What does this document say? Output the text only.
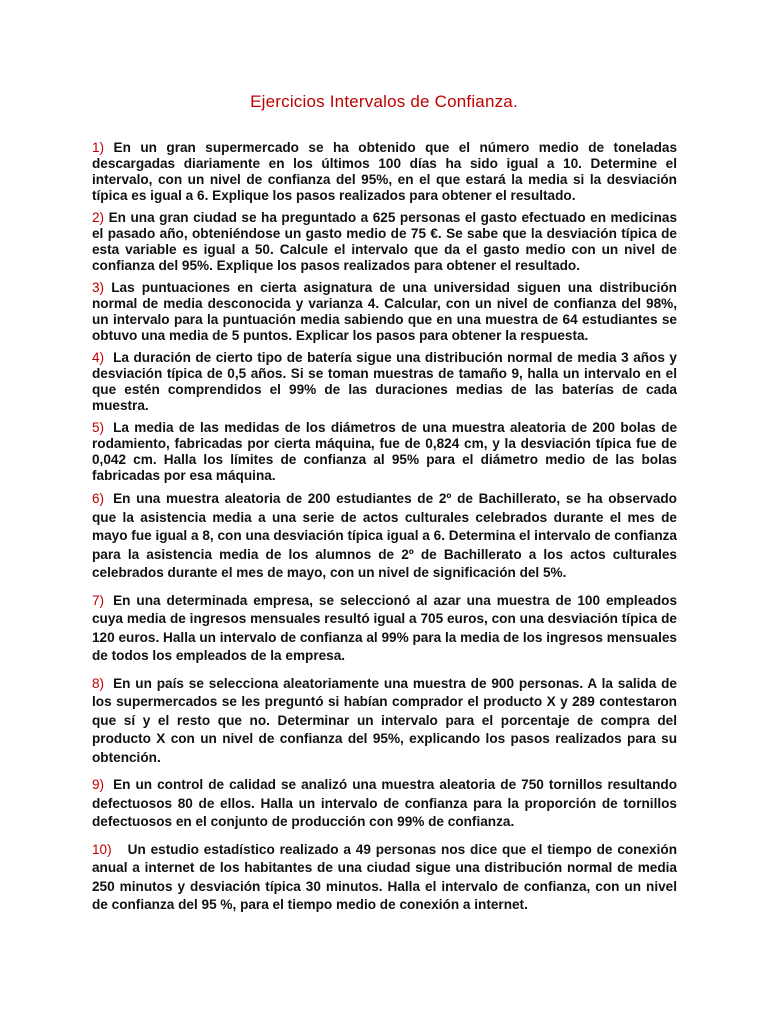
Ejercicios Intervalos de Confianza.

1) En un gran supermercado se ha obtenido que el número medio de toneladas descargadas diariamente en los últimos 100 días ha sido igual a 10. Determine el intervalo, con un nivel de confianza del 95%, en el que estará la media si la desviación típica es igual a 6. Explique los pasos realizados para obtener el resultado.

2) En una gran ciudad se ha preguntado a 625 personas el gasto efectuado en medicinas el pasado año, obteniéndose un gasto medio de 75 €. Se sabe que la desviación típica de esta variable es igual a 50. Calcule el intervalo que da el gasto medio con un nivel de confianza del 95%. Explique los pasos realizados para obtener el resultado.

3) Las puntuaciones en cierta asignatura de una universidad siguen una distribución normal de media desconocida y varianza 4. Calcular, con un nivel de confianza del 98%, un intervalo para la puntuación media sabiendo que en una muestra de 64 estudiantes se obtuvo una media de 5 puntos. Explicar los pasos para obtener la respuesta.

4) La duración de cierto tipo de batería sigue una distribución normal de media 3 años y desviación típica de 0,5 años. Si se toman muestras de tamaño 9, halla un intervalo en el que estén comprendidos el 99% de las duraciones medias de las baterías de cada muestra.

5) La media de las medidas de los diámetros de una muestra aleatoria de 200 bolas de rodamiento, fabricadas por cierta máquina, fue de 0,824 cm, y la desviación típica fue de 0,042 cm. Halla los límites de confianza al 95% para el diámetro medio de las bolas fabricadas por esa máquina.

6) En una muestra aleatoria de 200 estudiantes de 2º de Bachillerato, se ha observado que la asistencia media a una serie de actos culturales celebrados durante el mes de mayo fue igual a 8, con una desviación típica igual a 6. Determina el intervalo de confianza para la asistencia media de los alumnos de 2º de Bachillerato a los actos culturales celebrados durante el mes de mayo, con un nivel de significación del 5%.

7) En una determinada empresa, se seleccionó al azar una muestra de 100 empleados cuya media de ingresos mensuales resultó igual a 705 euros, con una desviación típica de 120 euros. Halla un intervalo de confianza al 99% para la media de los ingresos mensuales de todos los empleados de la empresa.

8) En un país se selecciona aleatoriamente una muestra de 900 personas. A la salida de los supermercados se les preguntó si habían comprador el producto X y 289 contestaron que sí y el resto que no. Determinar un intervalo para el porcentaje de compra del producto X con un nivel de confianza del 95%, explicando los pasos realizados para su obtención.

9) En un control de calidad se analizó una muestra aleatoria de 750 tornillos resultando defectuosos 80 de ellos. Halla un intervalo de confianza para la proporción de tornillos defectuosos en el conjunto de producción con 99% de confianza.

10) Un estudio estadístico realizado a 49 personas nos dice que el tiempo de conexión anual a internet de los habitantes de una ciudad sigue una distribución normal de media 250 minutos y desviación típica 30 minutos. Halla el intervalo de confianza, con un nivel de confianza del 95 %, para el tiempo medio de conexión a internet.
